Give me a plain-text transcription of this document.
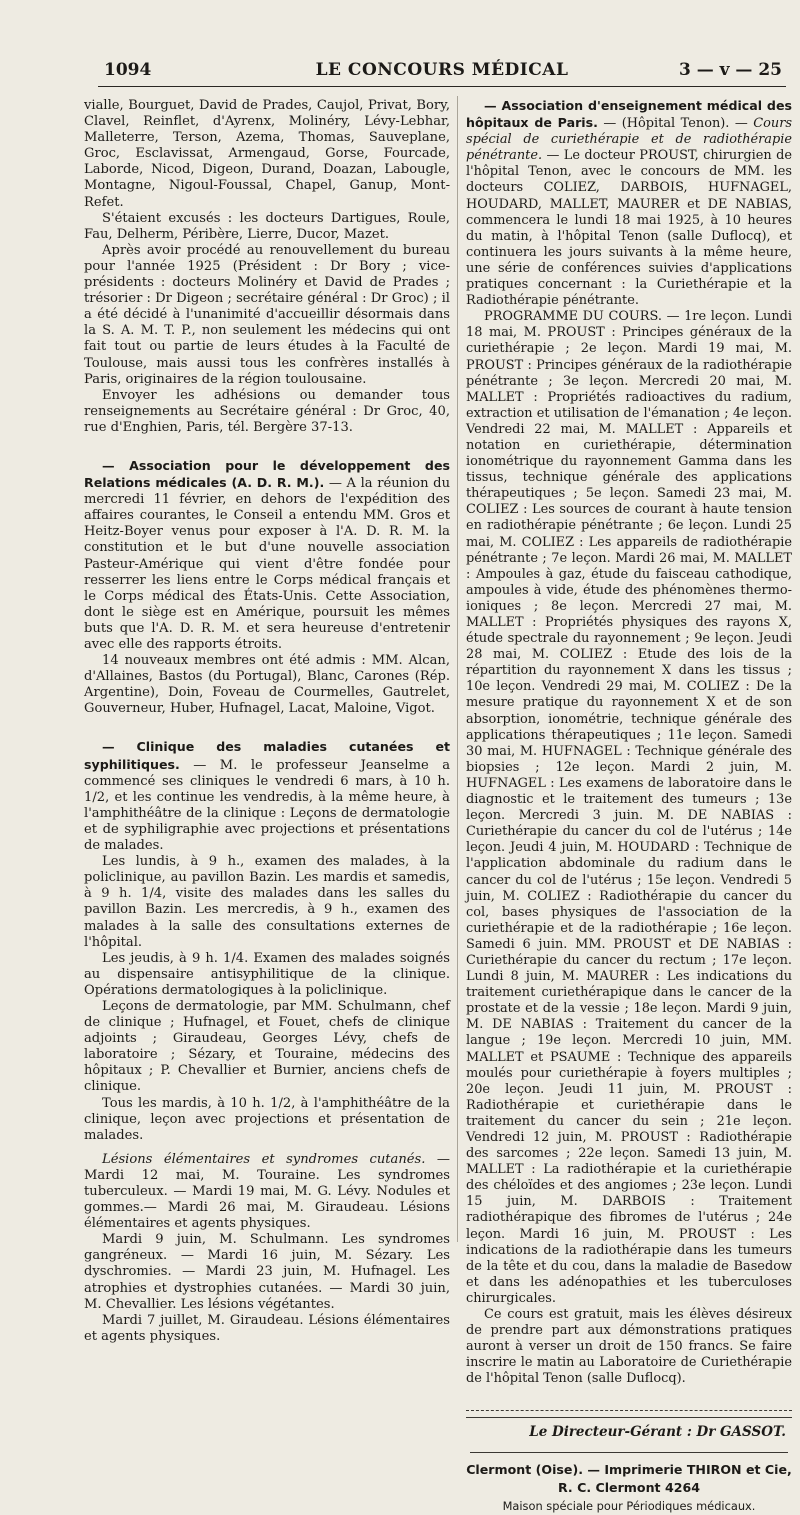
1094	LE CONCOURS MÉDICAL	3 — v — 25

vialle, Bourguet, David de Prades, Caujol, Privat, Bory, Clavel, Reinflet, d'Ayrenx, Molinéry, Lévy-Lebhar, Malleterre, Terson, Azema, Thomas, Sauveplane, Groc, Esclavissat, Armengaud, Gorse, Fourcade, Laborde, Nicod, Digeon, Durand, Doazan, Labougle, Montagne, Nigoul-Foussal, Chapel, Ganup, Mont-Refet.

S'étaient excusés : les docteurs Dartigues, Roule, Fau, Delherm, Péribère, Lierre, Ducor, Mazet.

Après avoir procédé au renouvellement du bureau pour l'année 1925 (Président : Dr Bory ; vice-présidents : docteurs Molinéry et David de Prades ; trésorier : Dr Digeon ; secrétaire général : Dr Groc) ; il a été décidé à l'unanimité d'accueillir désormais dans la S. A. M. T. P., non seulement les médecins qui ont fait tout ou partie de leurs études à la Faculté de Toulouse, mais aussi tous les confrères installés à Paris, originaires de la région toulousaine.

Envoyer les adhésions ou demander tous renseignements au Secrétaire général : Dr Groc, 40, rue d'Enghien, Paris, tél. Bergère 37-13.

— Association pour le développement des Relations médicales (A. D. R. M.). — A la réunion du mercredi 11 février, en dehors de l'expédition des affaires courantes, le Conseil a entendu MM. Gros et Heitz-Boyer venus pour exposer à l'A. D. R. M. la constitution et le but d'une nouvelle association Pasteur-Amérique qui vient d'être fondée pour resserrer les liens entre le Corps médical français et le Corps médical des États-Unis. Cette Association, dont le siège est en Amérique, poursuit les mêmes buts que l'A. D. R. M. et sera heureuse d'entretenir avec elle des rapports étroits.

14 nouveaux membres ont été admis : MM. Alcan, d'Allaines, Bastos (du Portugal), Blanc, Carones (Rép. Argentine), Doin, Foveau de Courmelles, Gautrelet, Gouverneur, Huber, Hufnagel, Lacat, Maloine, Vigot.

— Clinique des maladies cutanées et syphilitiques. — M. le professeur Jeanselme a commencé ses cliniques le vendredi 6 mars, à 10 h. 1/2, et les continue les vendredis, à la même heure, à l'amphithéâtre de la clinique : Leçons de dermatologie et de syphiligraphie avec projections et présentations de malades.

Les lundis, à 9 h., examen des malades, à la policlinique, au pavillon Bazin. Les mardis et samedis, à 9 h. 1/4, visite des malades dans les salles du pavillon Bazin. Les mercredis, à 9 h., examen des malades à la salle des consultations externes de l'hôpital.

Les jeudis, à 9 h. 1/4. Examen des malades soignés au dispensaire antisyphilitique de la clinique. Opérations dermatologiques à la policlinique.

Leçons de dermatologie, par MM. Schulmann, chef de clinique ; Hufnagel, et Fouet, chefs de clinique adjoints ; Giraudeau, Georges Lévy, chefs de laboratoire ; Sézary, et Touraine, médecins des hôpitaux ; P. Chevallier et Burnier, anciens chefs de clinique.

Tous les mardis, à 10 h. 1/2, à l'amphithéâtre de la clinique, leçon avec projections et présentation de malades.

Lésions élémentaires et syndromes cutanés. — Mardi 12 mai, M. Touraine. Les syndromes tuberculeux. — Mardi 19 mai, M. G. Lévy. Nodules et gommes.— Mardi 26 mai, M. Giraudeau. Lésions élémentaires et agents physiques.

Mardi 9 juin, M. Schulmann. Les syndromes gangréneux. — Mardi 16 juin, M. Sézary. Les dyschromies. — Mardi 23 juin, M. Hufnagel. Les atrophies et dystrophies cutanées. — Mardi 30 juin, M. Chevallier. Les lésions végétantes.

Mardi 7 juillet, M. Giraudeau. Lésions élémentaires et agents physiques.

— Association d'enseignement médical des hôpitaux de Paris. — (Hôpital Tenon). — Cours spécial de curiethérapie et de radiothérapie pénétrante. — Le docteur PROUST, chirurgien de l'hôpital Tenon, avec le concours de MM. les docteurs COLIEZ, DARBOIS, HUFNAGEL, HOUDARD, MALLET, MAURER et DE NABIAS, commencera le lundi 18 mai 1925, à 10 heures du matin, à l'hôpital Tenon (salle Duflocq), et continuera les jours suivants à la même heure, une série de conférences suivies d'applications pratiques concernant : la Curiethérapie et la Radiothérapie pénétrante.

PROGRAMME DU COURS. — 1re leçon. Lundi 18 mai, M. PROUST : Principes généraux de la curiethérapie ; 2e leçon. Mardi 19 mai, M. PROUST : Principes généraux de la radiothérapie pénétrante ; 3e leçon. Mercredi 20 mai, M. MALLET : Propriétés radioactives du radium, extraction et utilisation de l'émanation ; 4e leçon. Vendredi 22 mai, M. MALLET : Appareils et notation en curiethérapie, détermination ionométrique du rayonnement Gamma dans les tissus, technique générale des applications thérapeutiques ; 5e leçon. Samedi 23 mai, M. COLIEZ : Les sources de courant à haute tension en radiothérapie pénétrante ; 6e leçon. Lundi 25 mai, M. COLIEZ : Les appareils de radiothérapie pénétrante ; 7e leçon. Mardi 26 mai, M. MALLET : Ampoules à gaz, étude du faisceau cathodique, ampoules à vide, étude des phénomènes thermo-ioniques ; 8e leçon. Mercredi 27 mai, M. MALLET : Propriétés physiques des rayons X, étude spectrale du rayonnement ; 9e leçon. Jeudi 28 mai, M. COLIEZ : Etude des lois de la répartition du rayonnement X dans les tissus ; 10e leçon. Vendredi 29 mai, M. COLIEZ : De la mesure pratique du rayonnement X et de son absorption, ionométrie, technique générale des applications thérapeutiques ; 11e leçon. Samedi 30 mai, M. HUFNAGEL : Technique générale des biopsies ; 12e leçon. Mardi 2 juin, M. HUFNAGEL : Les examens de laboratoire dans le diagnostic et le traitement des tumeurs ; 13e leçon. Mercredi 3 juin. M. DE NABIAS : Curiethérapie du cancer du col de l'utérus ; 14e leçon. Jeudi 4 juin, M. HOUDARD : Technique de l'application abdominale du radium dans le cancer du col de l'utérus ; 15e leçon. Vendredi 5 juin, M. COLIEZ : Radiothérapie du cancer du col, bases physiques de l'association de la curiethérapie et de la radiothérapie ; 16e leçon. Samedi 6 juin. MM. PROUST et DE NABIAS : Curiethérapie du cancer du rectum ; 17e leçon. Lundi 8 juin, M. MAURER : Les indications du traitement curiethérapique dans le cancer de la prostate et de la vessie ; 18e leçon. Mardi 9 juin, M. DE NABIAS : Traitement du cancer de la langue ; 19e leçon. Mercredi 10 juin, MM. MALLET et PSAUME : Technique des appareils moulés pour curiethérapie à foyers multiples ; 20e leçon. Jeudi 11 juin, M. PROUST : Radiothérapie et curiethérapie dans le traitement du cancer du sein ; 21e leçon. Vendredi 12 juin, M. PROUST : Radiothérapie des sarcomes ; 22e leçon. Samedi 13 juin, M. MALLET : La radiothérapie et la curiethérapie des chéloïdes et des angiomes ; 23e leçon. Lundi 15 juin, M. DARBOIS : Traitement radiothérapique des fibromes de l'utérus ; 24e leçon. Mardi 16 juin, M. PROUST : Les indications de la radiothérapie dans les tumeurs de la tête et du cou, dans la maladie de Basedow et dans les adénopathies et les tuberculoses chirurgicales.

Ce cours est gratuit, mais les élèves désireux de prendre part aux démonstrations pratiques auront à verser un droit de 150 francs. Se faire inscrire le matin au Laboratoire de Curiethérapie de l'hôpital Tenon (salle Duflocq).

Le Directeur-Gérant : Dr GASSOT.
Clermont (Oise). — Imprimerie THIRON et Cie,
R. C. Clermont 4264
Maison spéciale pour Périodiques médicaux.
